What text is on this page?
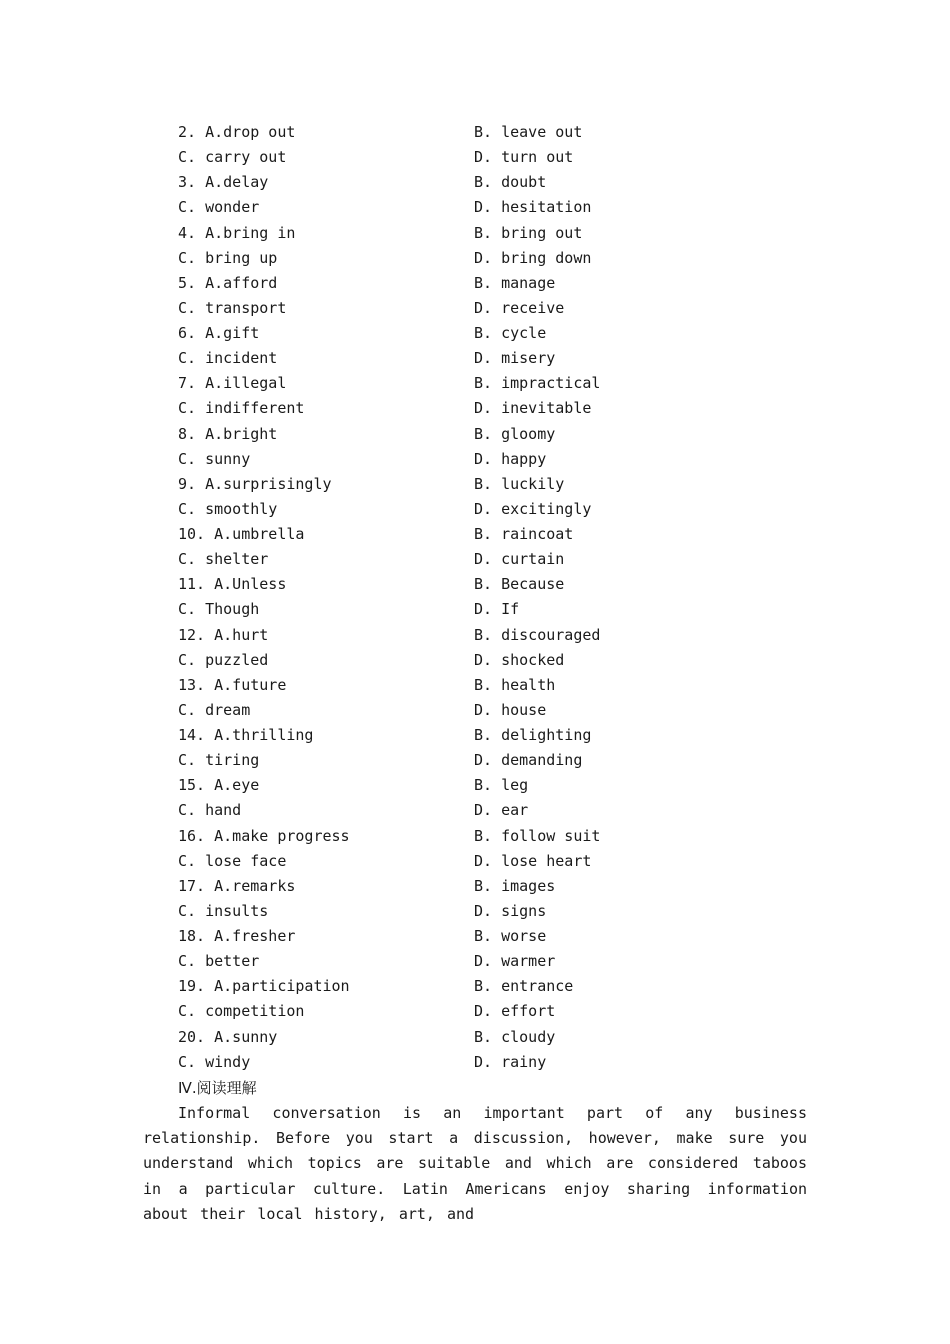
2. A.drop out	B. leave out
C. carry out	D. turn out
3. A.delay	B. doubt
C. wonder	D. hesitation
4. A.bring in	B. bring out
C. bring up	D. bring down
5. A.afford	B. manage
C. transport	D. receive
6. A.gift	B. cycle
C. incident	D. misery
7. A.illegal	B. impractical
C. indifferent	D. inevitable
8. A.bright	B. gloomy
C. sunny	D. happy
9. A.surprisingly	B. luckily
C. smoothly	D. excitingly
10. A.umbrella	B. raincoat
C. shelter	D. curtain
11. A.Unless	B. Because
C. Though	D. If
12. A.hurt	B. discouraged
C. puzzled	D. shocked
13. A.future	B. health
C. dream	D. house
14. A.thrilling	B. delighting
C. tiring	D. demanding
15. A.eye	B. leg
C. hand	D. ear
16. A.make progress	B. follow suit
C. lose face	D. lose heart
17. A.remarks	B. images
C. insults	D. signs
18. A.fresher	B. worse
C. better	D. warmer
19. A.participation	B. entrance
C. competition	D. effort
20. A.sunny	B. cloudy
C. windy	D. rainy
Ⅳ.阅读理解
Informal conversation is an important part of any business relationship. Before you start a discussion, however, make sure you understand which topics are suitable and which are considered taboos in a particular culture. Latin Americans enjoy sharing information about their local history, art, and
